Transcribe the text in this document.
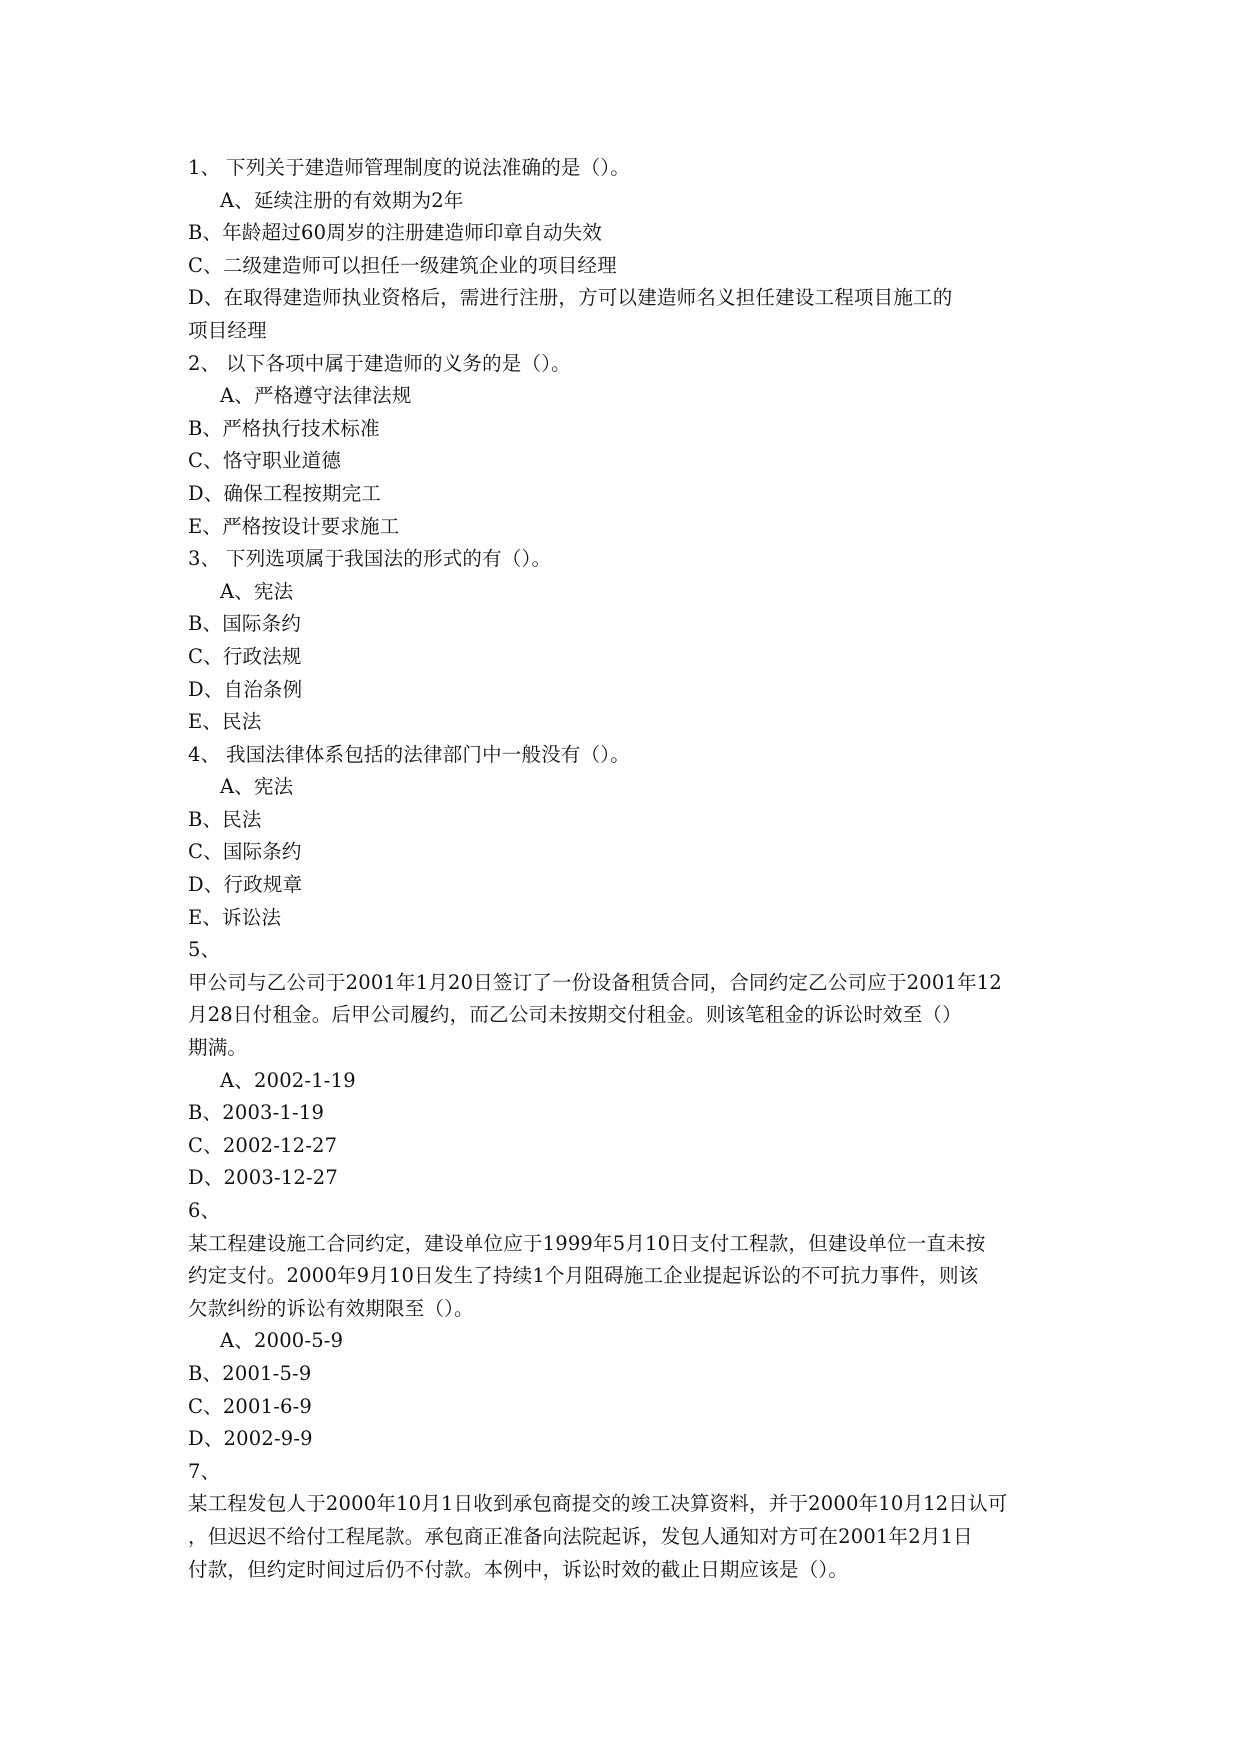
1、 下列关于建造师管理制度的说法准确的是（）。
A、延续注册的有效期为2年
B、年龄超过60周岁的注册建造师印章自动失效
C、二级建造师可以担任一级建筑企业的项目经理
D、在取得建造师执业资格后，需进行注册，方可以建造师名义担任建设工程项目施工的
项目经理
2、 以下各项中属于建造师的义务的是（）。
A、严格遵守法律法规
B、严格执行技术标准
C、恪守职业道德
D、确保工程按期完工
E、严格按设计要求施工
3、 下列选项属于我国法的形式的有（）。
A、宪法
B、国际条约
C、行政法规
D、自治条例
E、民法
4、 我国法律体系包括的法律部门中一般没有（）。
A、宪法
B、民法
C、国际条约
D、行政规章
E、诉讼法
5、
甲公司与乙公司于2001年1月20日签订了一份设备租赁合同，合同约定乙公司应于2001年12
月28日付租金。后甲公司履约，而乙公司未按期交付租金。则该笔租金的诉讼时效至（）
期满。
A、2002-1-19
B、2003-1-19
C、2002-12-27
D、2003-12-27
6、
某工程建设施工合同约定，建设单位应于1999年5月10日支付工程款，但建设单位一直未按
约定支付。2000年9月10日发生了持续1个月阻碍施工企业提起诉讼的不可抗力事件，则该
欠款纠纷的诉讼有效期限至（）。
A、2000-5-9
B、2001-5-9
C、2001-6-9
D、2002-9-9
7、
某工程发包人于2000年10月1日收到承包商提交的竣工决算资料，并于2000年10月12日认可
，但迟迟不给付工程尾款。承包商正准备向法院起诉，发包人通知对方可在2001年2月1日
付款，但约定时间过后仍不付款。本例中，诉讼时效的截止日期应该是（）。
